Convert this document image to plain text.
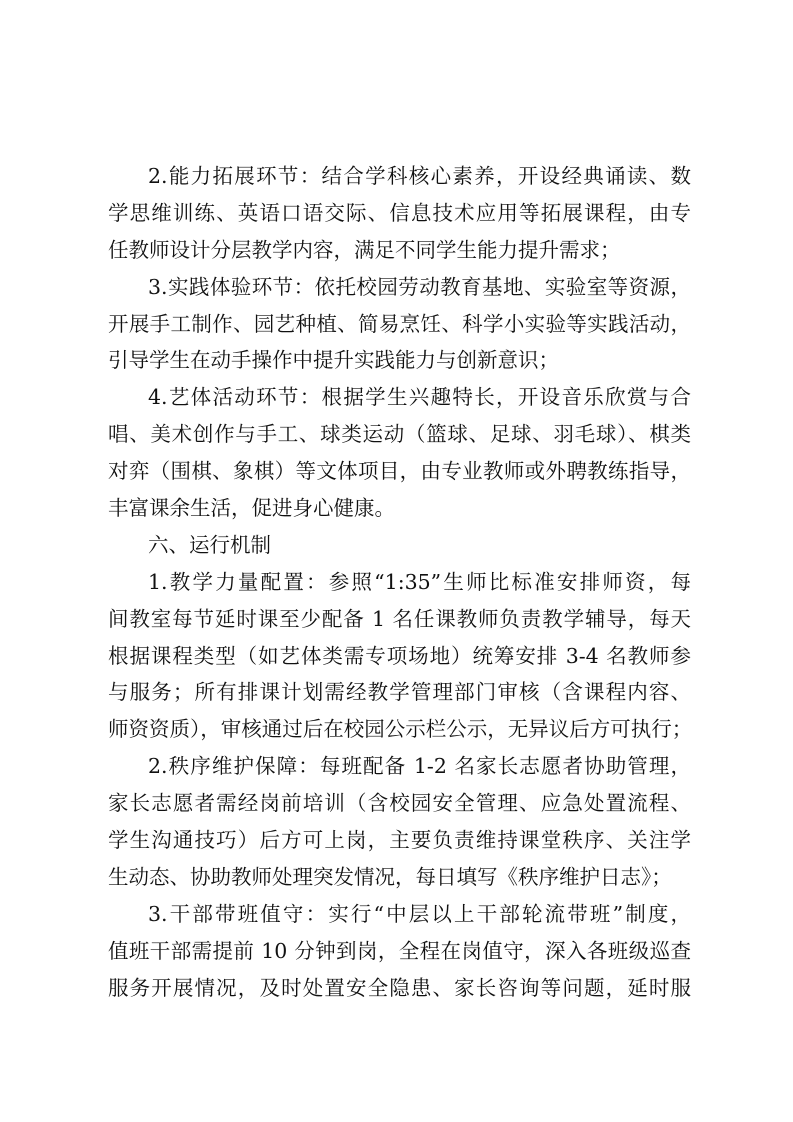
2.能力拓展环节：结合学科核心素养，开设经典诵读、数
学思维训练、英语口语交际、信息技术应用等拓展课程，由专
任教师设计分层教学内容，满足不同学生能力提升需求；
3.实践体验环节：依托校园劳动教育基地、实验室等资源，
开展手工制作、园艺种植、简易烹饪、科学小实验等实践活动，
引导学生在动手操作中提升实践能力与创新意识；
4.艺体活动环节：根据学生兴趣特长，开设音乐欣赏与合
唱、美术创作与手工、球类运动（篮球、足球、羽毛球）、棋类
对弈（围棋、象棋）等文体项目，由专业教师或外聘教练指导，
丰富课余生活，促进身心健康。
六、运行机制
1.教学力量配置：参照“1:35”生师比标准安排师资，每
间教室每节延时课至少配备 1 名任课教师负责教学辅导，每天
根据课程类型（如艺体类需专项场地）统筹安排 3-4 名教师参
与服务；所有排课计划需经教学管理部门审核（含课程内容、
师资资质），审核通过后在校园公示栏公示，无异议后方可执行；
2.秩序维护保障：每班配备 1-2 名家长志愿者协助管理，
家长志愿者需经岗前培训（含校园安全管理、应急处置流程、
学生沟通技巧）后方可上岗，主要负责维持课堂秩序、关注学
生动态、协助教师处理突发情况，每日填写《秩序维护日志》；
3.干部带班值守：实行“中层以上干部轮流带班”制度，
值班干部需提前 10 分钟到岗，全程在岗值守，深入各班级巡查
服务开展情况，及时处置安全隐患、家长咨询等问题，延时服
